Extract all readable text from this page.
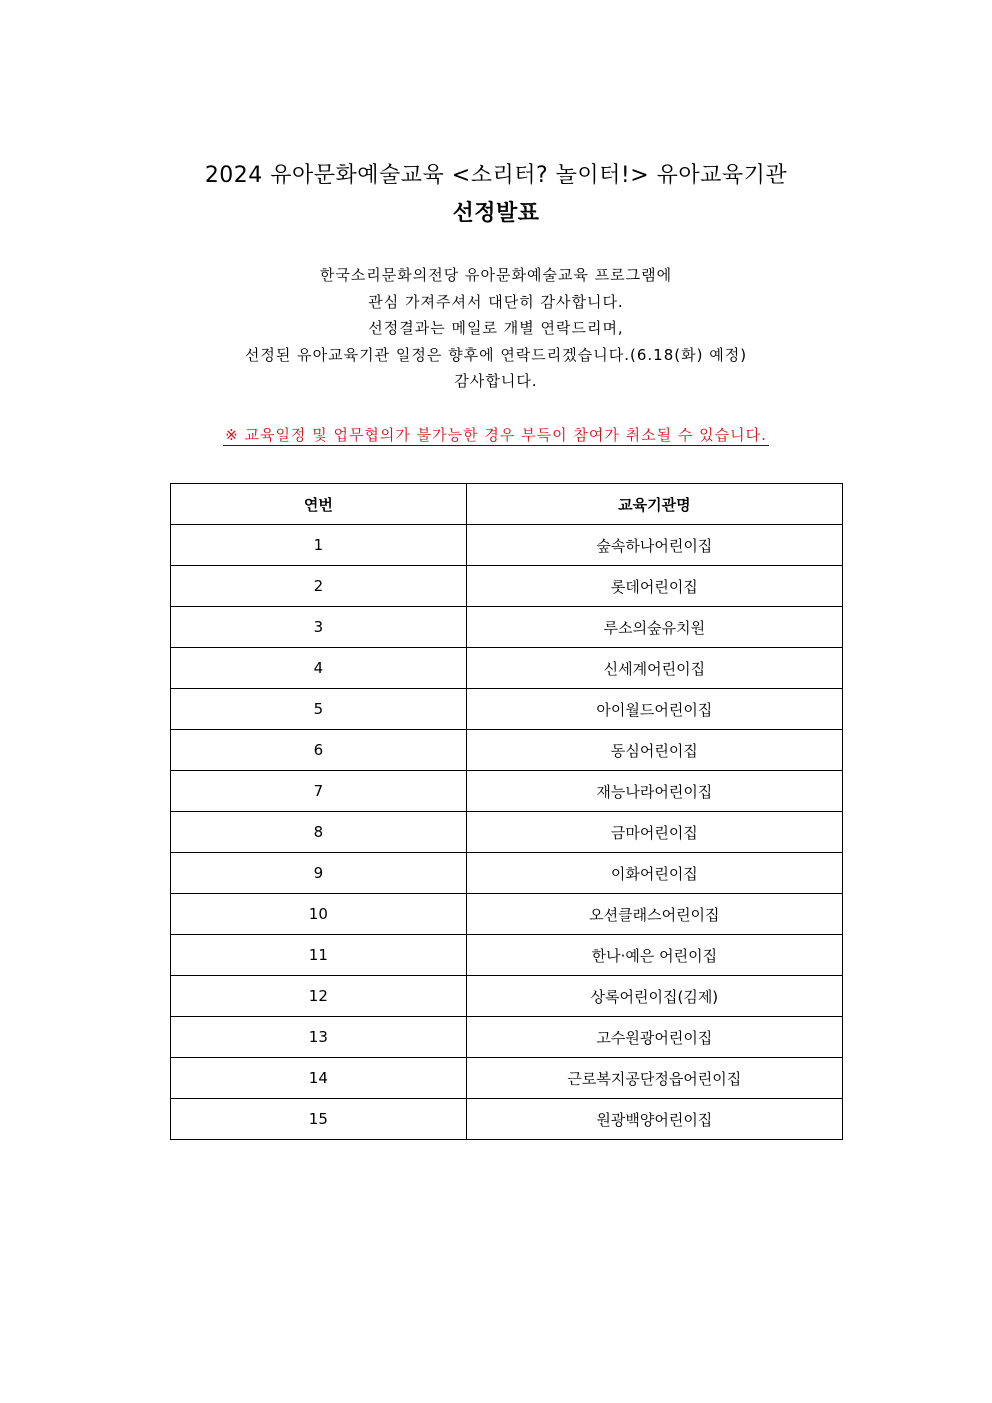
2024 유아문화예술교육 <소리터? 놀이터!> 유아교육기관
선정발표
한국소리문화의전당 유아문화예술교육 프로그램에
관심 가져주셔서 대단히 감사합니다.
선정결과는 메일로 개별 연락드리며,
선정된 유아교육기관 일정은 향후에 연락드리겠습니다.(6.18(화) 예정)
감사합니다.
※ 교육일정 및 업무협의가 불가능한 경우 부득이 참여가 취소될 수 있습니다.
연번	교육기관명
1	숲속하나어린이집
2	롯데어린이집
3	루소의숲유치원
4	신세계어린이집
5	아이월드어린이집
6	동심어린이집
7	재능나라어린이집
8	금마어린이집
9	이화어린이집
10	오션클래스어린이집
11	한나·예은 어린이집
12	상록어린이집(김제)
13	고수원광어린이집
14	근로복지공단정읍어린이집
15	원광백양어린이집
